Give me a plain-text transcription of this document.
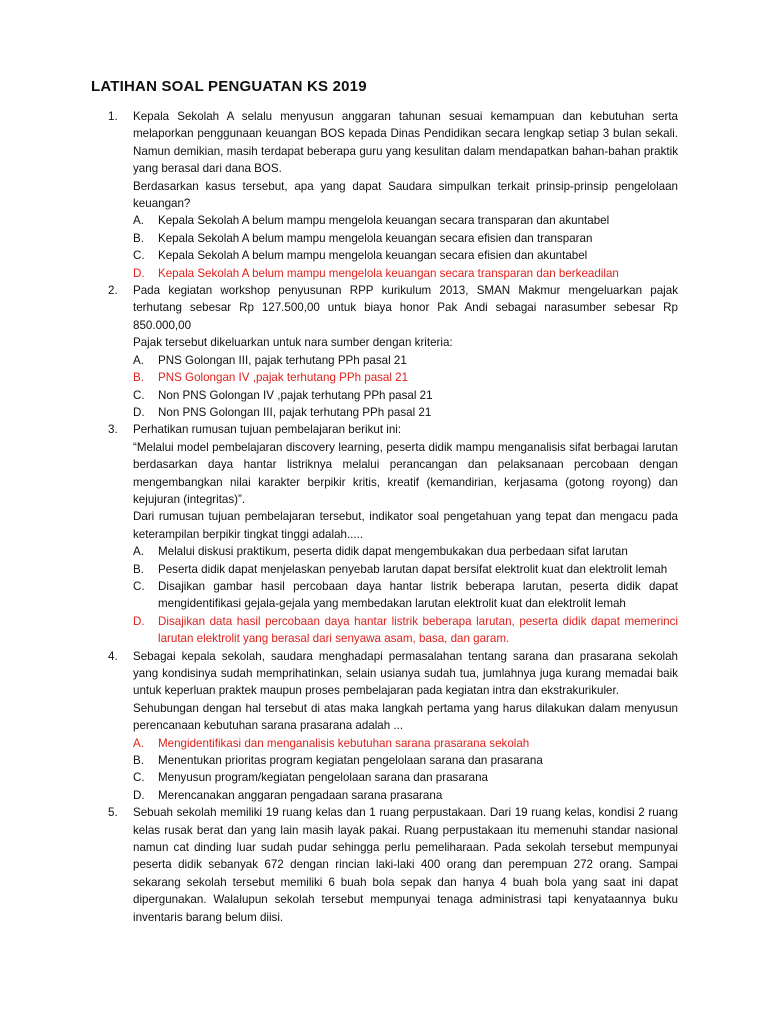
LATIHAN SOAL PENGUATAN KS 2019
1.	Kepala Sekolah A selalu menyusun anggaran tahunan sesuai kemampuan dan kebutuhan serta melaporkan penggunaan keuangan BOS kepada Dinas Pendidikan secara lengkap setiap 3 bulan sekali. Namun demikian, masih terdapat beberapa guru yang kesulitan dalam mendapatkan bahan-bahan praktik yang berasal dari dana BOS.
Berdasarkan kasus tersebut, apa yang dapat Saudara simpulkan terkait prinsip-prinsip pengelolaan keuangan?
A.	Kepala Sekolah A belum mampu mengelola keuangan secara transparan dan akuntabel
B.	Kepala Sekolah A belum mampu mengelola keuangan secara efisien dan transparan
C.	Kepala Sekolah A belum mampu mengelola keuangan secara efisien dan akuntabel
D.	Kepala Sekolah A belum mampu mengelola keuangan secara transparan dan berkeadilan
2.	Pada kegiatan workshop penyusunan RPP kurikulum 2013, SMAN Makmur mengeluarkan pajak terhutang sebesar Rp 127.500,00 untuk biaya honor Pak Andi sebagai narasumber sebesar Rp 850.000,00
Pajak tersebut dikeluarkan untuk nara sumber dengan kriteria:
A.	PNS Golongan III, pajak terhutang PPh pasal 21
B.	PNS Golongan IV ,pajak terhutang PPh pasal 21
C.	Non PNS Golongan IV ,pajak terhutang PPh pasal 21
D.	Non PNS Golongan III, pajak terhutang PPh pasal 21
3.	Perhatikan rumusan tujuan pembelajaran berikut ini:
“Melalui model pembelajaran discovery learning, peserta didik mampu menganalisis sifat berbagai larutan berdasarkan daya hantar listriknya melalui perancangan dan pelaksanaan percobaan dengan mengembangkan nilai karakter berpikir kritis, kreatif (kemandirian, kerjasama (gotong royong) dan kejujuran (integritas)”.
Dari rumusan tujuan pembelajaran tersebut, indikator soal pengetahuan yang tepat dan mengacu pada keterampilan berpikir tingkat tinggi adalah.....
A.	Melalui diskusi praktikum, peserta didik dapat mengembukakan dua perbedaan sifat larutan
B.	Peserta didik dapat menjelaskan penyebab larutan dapat bersifat elektrolit kuat dan elektrolit lemah
C.	Disajikan gambar hasil percobaan daya hantar listrik beberapa larutan, peserta didik dapat mengidentifikasi gejala-gejala yang membedakan larutan elektrolit kuat dan elektrolit lemah
D.	Disajikan data hasil percobaan daya hantar listrik beberapa larutan, peserta didik dapat memerinci larutan elektrolit yang berasal dari senyawa asam, basa, dan garam.
4.	Sebagai kepala sekolah, saudara menghadapi permasalahan tentang sarana dan prasarana sekolah yang kondisinya sudah memprihatinkan, selain usianya sudah tua, jumlahnya juga kurang memadai baik untuk keperluan praktek maupun proses pembelajaran pada kegiatan intra dan ekstrakurikuler.
Sehubungan dengan hal tersebut di atas maka langkah pertama yang harus dilakukan dalam menyusun perencanaan kebutuhan sarana prasarana adalah ...
A.	Mengidentifikasi dan menganalisis kebutuhan sarana prasarana sekolah
B.	Menentukan prioritas program kegiatan pengelolaan sarana dan prasarana
C.	Menyusun program/kegiatan pengelolaan sarana dan prasarana
D.	Merencanakan anggaran pengadaan sarana prasarana
5.	Sebuah sekolah memiliki 19 ruang kelas dan 1 ruang perpustakaan. Dari 19 ruang kelas, kondisi 2 ruang kelas rusak berat dan yang lain masih layak pakai. Ruang perpustakaan itu memenuhi standar nasional namun cat dinding luar sudah pudar sehingga perlu pemeliharaan. Pada sekolah tersebut mempunyai peserta didik sebanyak 672 dengan rincian laki-laki 400 orang dan perempuan 272 orang. Sampai sekarang sekolah tersebut memiliki 6 buah bola sepak dan hanya 4 buah bola yang saat ini dapat dipergunakan. Walalupun sekolah tersebut mempunyai tenaga administrasi tapi kenyataannya buku inventaris barang belum diisi.
